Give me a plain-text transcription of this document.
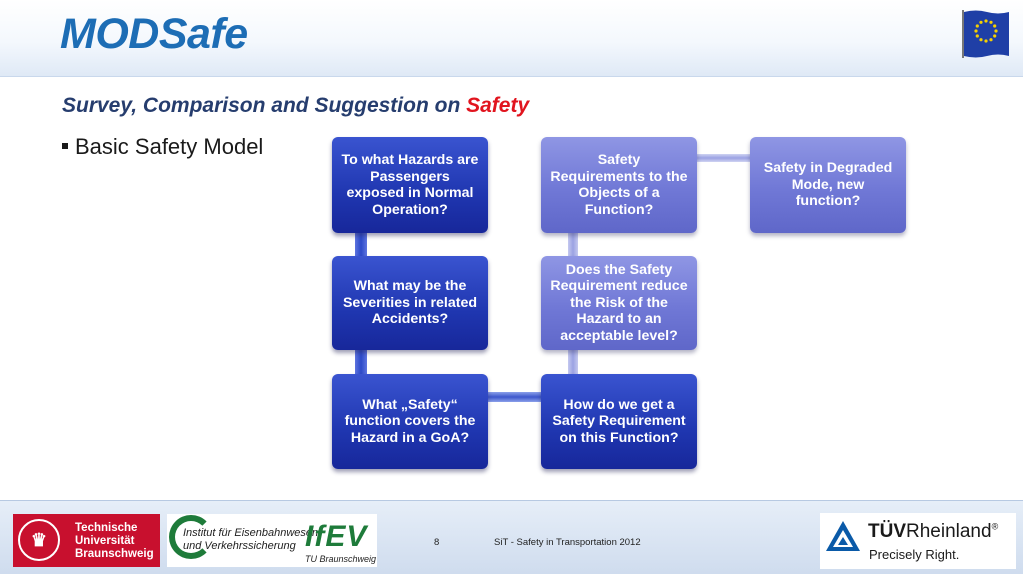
MODSafe
Survey, Comparison and Suggestion on Safety
Basic Safety Model
To what Hazards are Passengers exposed in Normal Operation?
Safety Requirements to the Objects of a Function?
Safety in Degraded Mode, new function?
What may be the Severities in related Accidents?
Does the Safety Requirement reduce the Risk of the Hazard to an acceptable level?
What „Safety“ function covers the Hazard in a GoA?
How do we get a Safety Requirement on this Function?
♛
Technische
Universität
Braunschweig
Institut für Eisenbahnwesen
und Verkehrssicherung IfEV
TU Braunschweig
8	SiT - Safety in Transportation 2012
TÜVRheinland®
Precisely Right.
